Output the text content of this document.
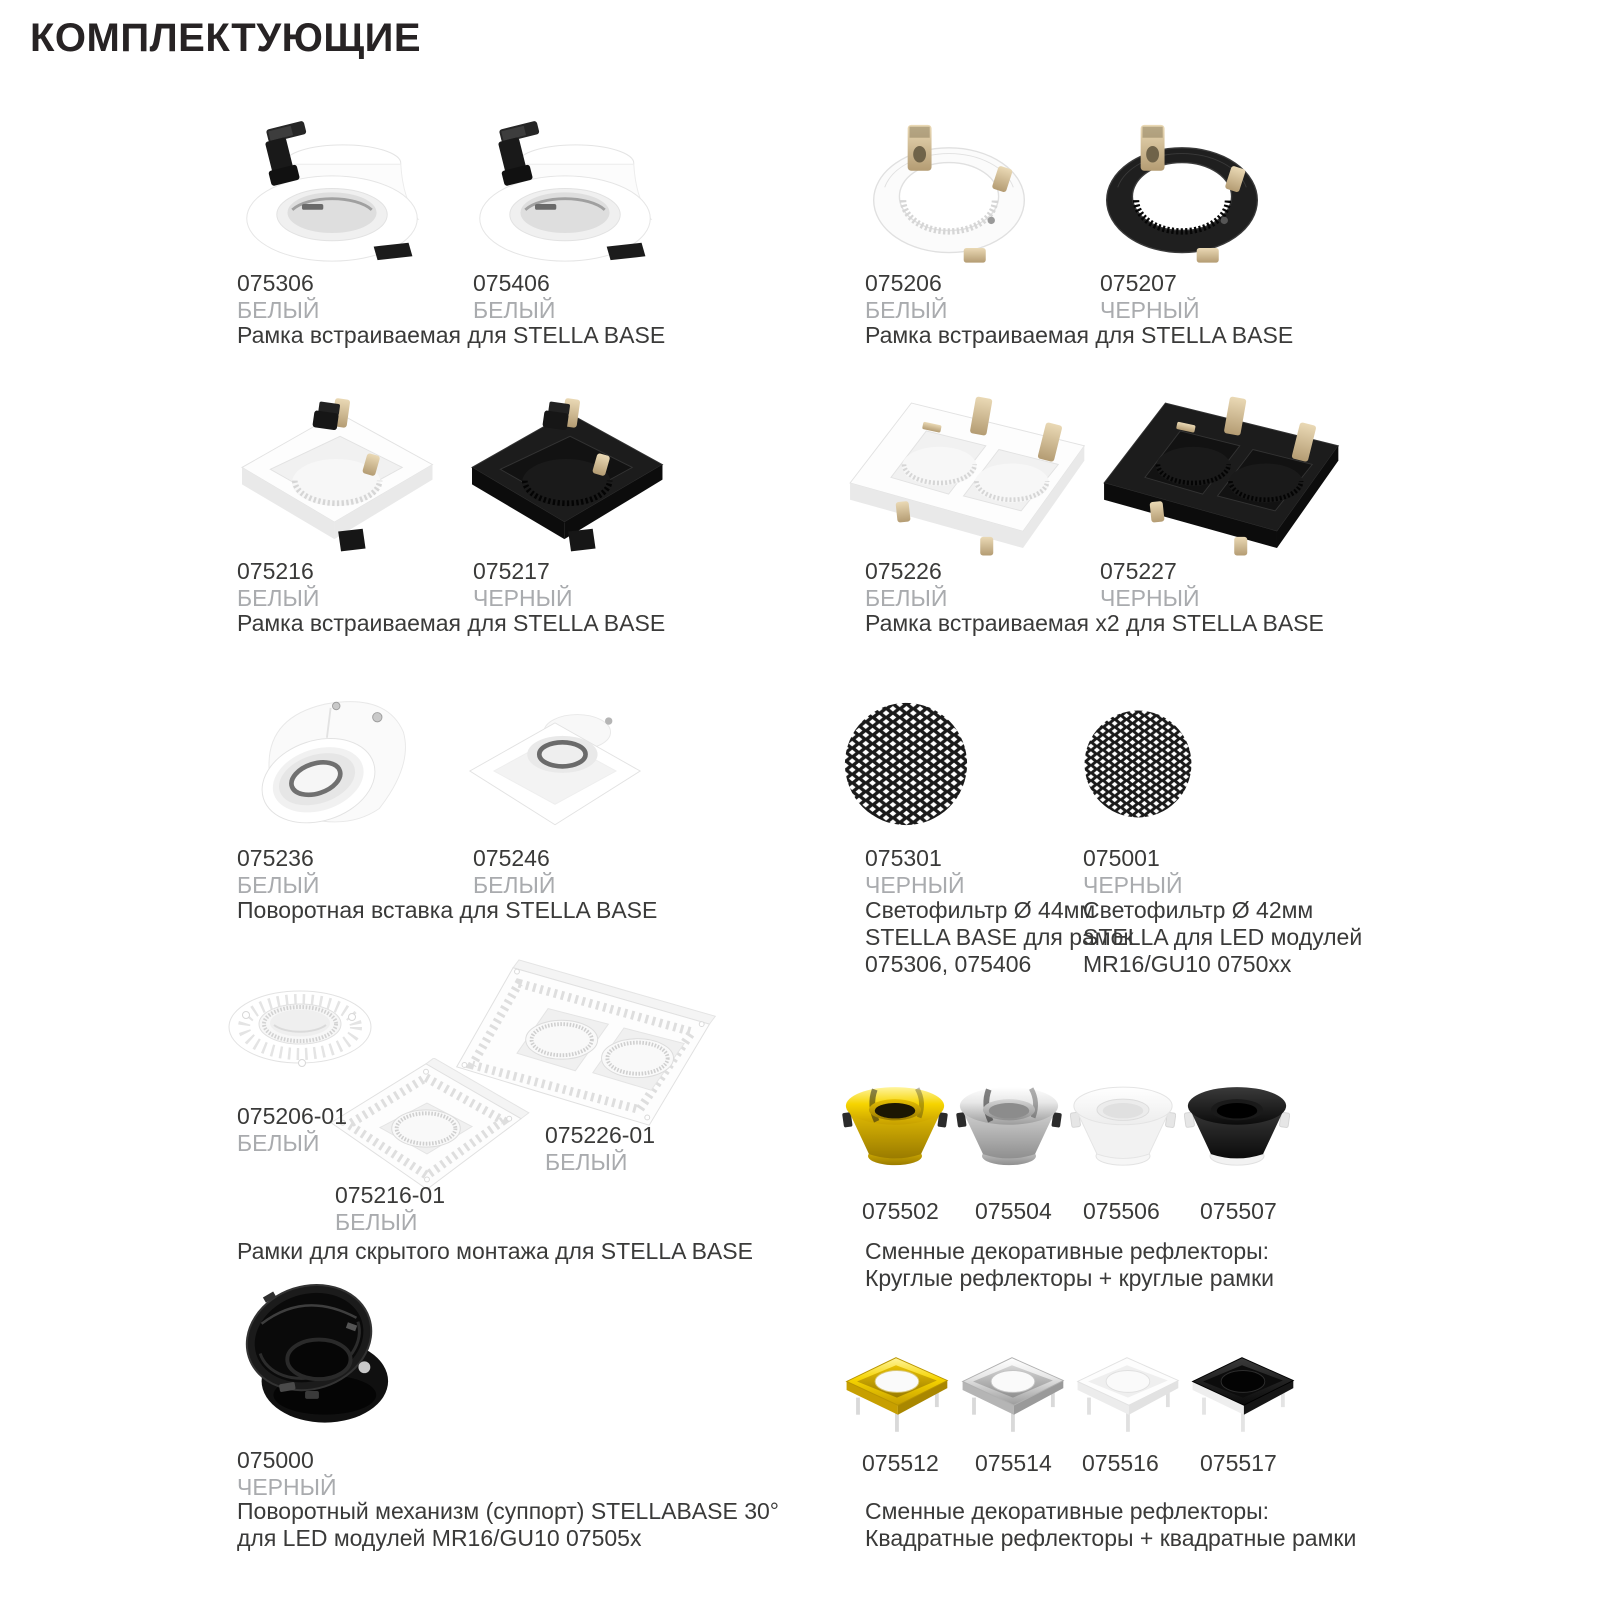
КОМПЛЕКТУЮЩИЕ
075306
БЕЛЫЙ
075406
БЕЛЫЙ
Рамка встраиваемая для STELLA BASE
075206
БЕЛЫЙ
075207
ЧЕРНЫЙ
Рамка встраиваемая для STELLA BASE
075216
БЕЛЫЙ
075217
ЧЕРНЫЙ
Рамка встраиваемая для STELLA BASE
075226
БЕЛЫЙ
075227
ЧЕРНЫЙ
Рамка встраиваемая x2 для STELLA BASE
075236
БЕЛЫЙ
075246
БЕЛЫЙ
Поворотная вставка для STELLA BASE
075301
ЧЕРНЫЙ
075001
ЧЕРНЫЙ
Светофильтр Ø 44мм
STELLA BASE для рамок
075306, 075406
Светофильтр Ø 42мм
STELLA для LED модулей
MR16/GU10 0750xx
075206-01
БЕЛЫЙ	075226-01
БЕЛЫЙ
075216-01
БЕЛЫЙ
Рамки для скрытого монтажа для STELLA BASE
075502 075504 075506 075507
Сменные декоративные рефлекторы:
Круглые рефлекторы + круглые рамки
075000
ЧЕРНЫЙ
Поворотный механизм (суппорт) STELLABASE 30°
для LED модулей MR16/GU10 07505x
075512 075514 075516 075517
Сменные декоративные рефлекторы:
Квадратные рефлекторы + квадратные рамки
